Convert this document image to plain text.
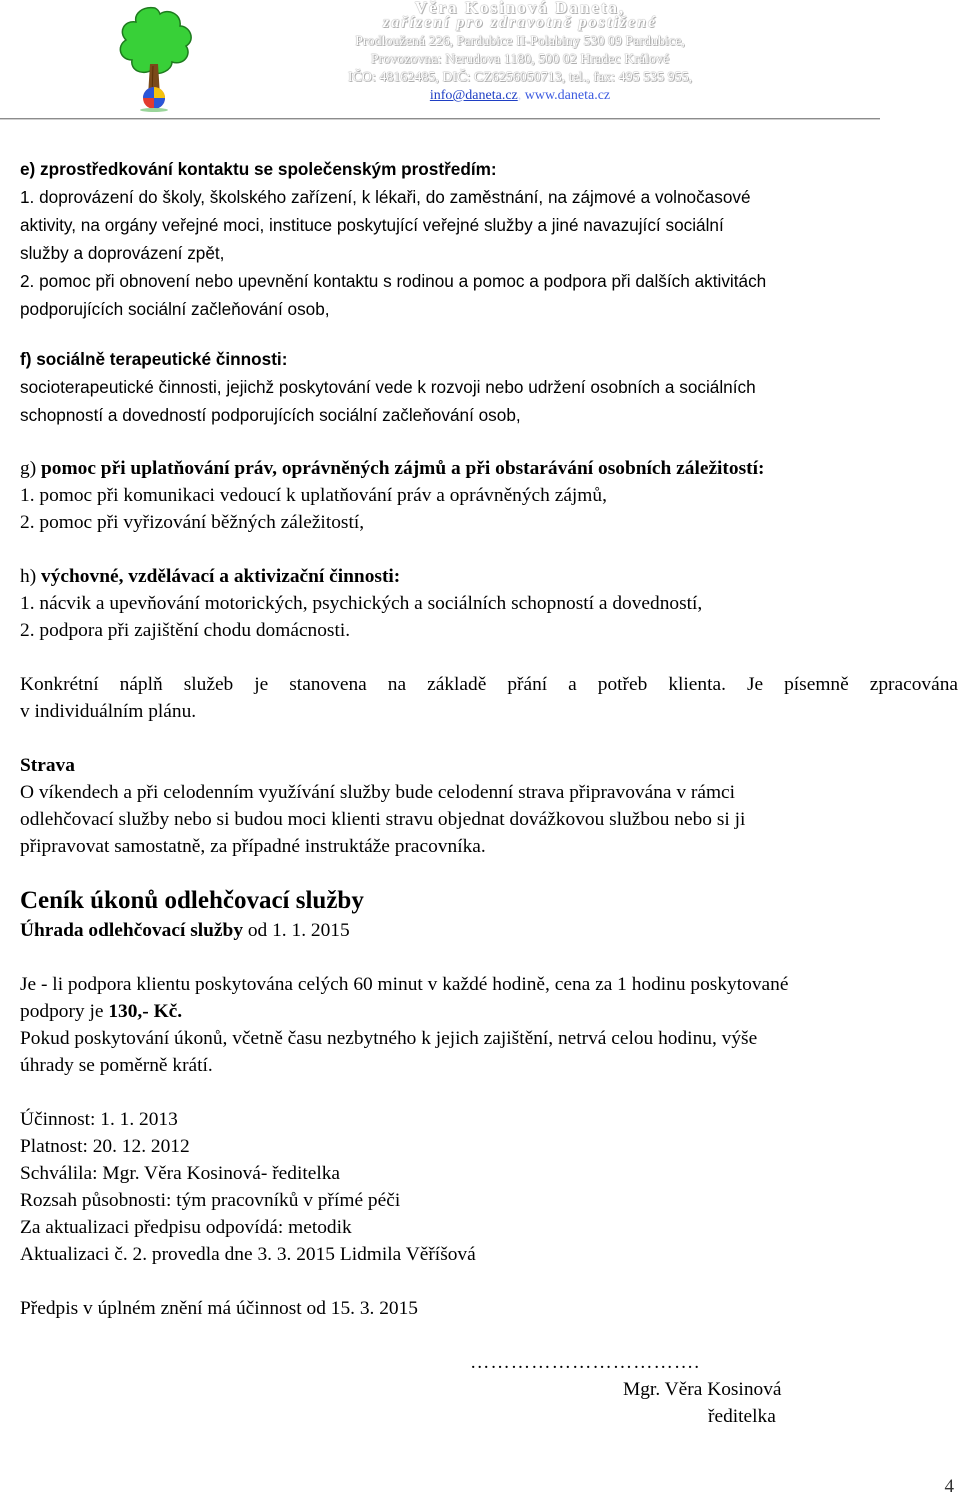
Věra Kosinová Daneta,
zařízení pro zdravotně postižené
Prodloužená 226, Pardubice II-Polabiny 530 09 Pardubice,
Provozovna: Nerudova 1180, 500 02 Hradec Králové
IČO: 48162485, DIČ: CZ6256050713, tel., fax: 495 535 955,
info@daneta.cz, www.daneta.cz
e) zprostředkování kontaktu se společenským prostředím:
1. doprovázení do školy, školského zařízení, k lékaři, do zaměstnání, na zájmové a volnočasové
aktivity, na orgány veřejné moci, instituce poskytující veřejné služby a jiné navazující sociální
služby a doprovázení zpět,
2. pomoc při obnovení nebo upevnění kontaktu s rodinou a pomoc a podpora při dalších aktivitách
podporujících sociální začleňování osob,
f) sociálně terapeutické činnosti:
socioterapeutické činnosti, jejichž poskytování vede k rozvoji nebo udržení osobních a sociálních
schopností a dovedností podporujících sociální začleňování osob,
g) pomoc při uplatňování práv, oprávněných zájmů a při obstarávání osobních záležitostí:
1. pomoc při komunikaci vedoucí k uplatňování práv a oprávněných zájmů,
2. pomoc při vyřizování běžných záležitostí,
h) výchovné, vzdělávací a aktivizační činnosti:
1. nácvik a upevňování motorických, psychických a sociálních schopností a dovedností,
2. podpora při zajištění chodu domácnosti.
Konkrétní náplň služeb je stanovena na základě přání a potřeb klienta. Je písemně zpracována
v individuálním plánu.
Strava
O víkendech a při celodenním využívání služby bude celodenní strava připravována v rámci
odlehčovací služby nebo si budou moci klienti stravu objednat dovážkovou službou nebo si ji
připravovat samostatně, za případné instruktáže pracovníka.
Ceník úkonů odlehčovací služby
Úhrada odlehčovací služby od 1. 1. 2015
Je - li podpora klientu poskytována celých 60 minut v každé hodině, cena za 1 hodinu poskytované
podpory je 130,- Kč.
Pokud poskytování úkonů, včetně času nezbytného k jejich zajištění, netrvá celou hodinu, výše
úhrady se poměrně krátí.
Účinnost: 1. 1. 2013
Platnost: 20. 12. 2012
Schválila: Mgr. Věra Kosinová- ředitelka
Rozsah působnosti: tým pracovníků v přímé péči
Za aktualizaci předpisu odpovídá: metodik
Aktualizaci č. 2. provedla dne 3. 3. 2015 Lidmila Věříšová
Předpis v úplném znění má účinnost od 15. 3. 2015
…………………………….
Mgr. Věra Kosinová
ředitelka
4
